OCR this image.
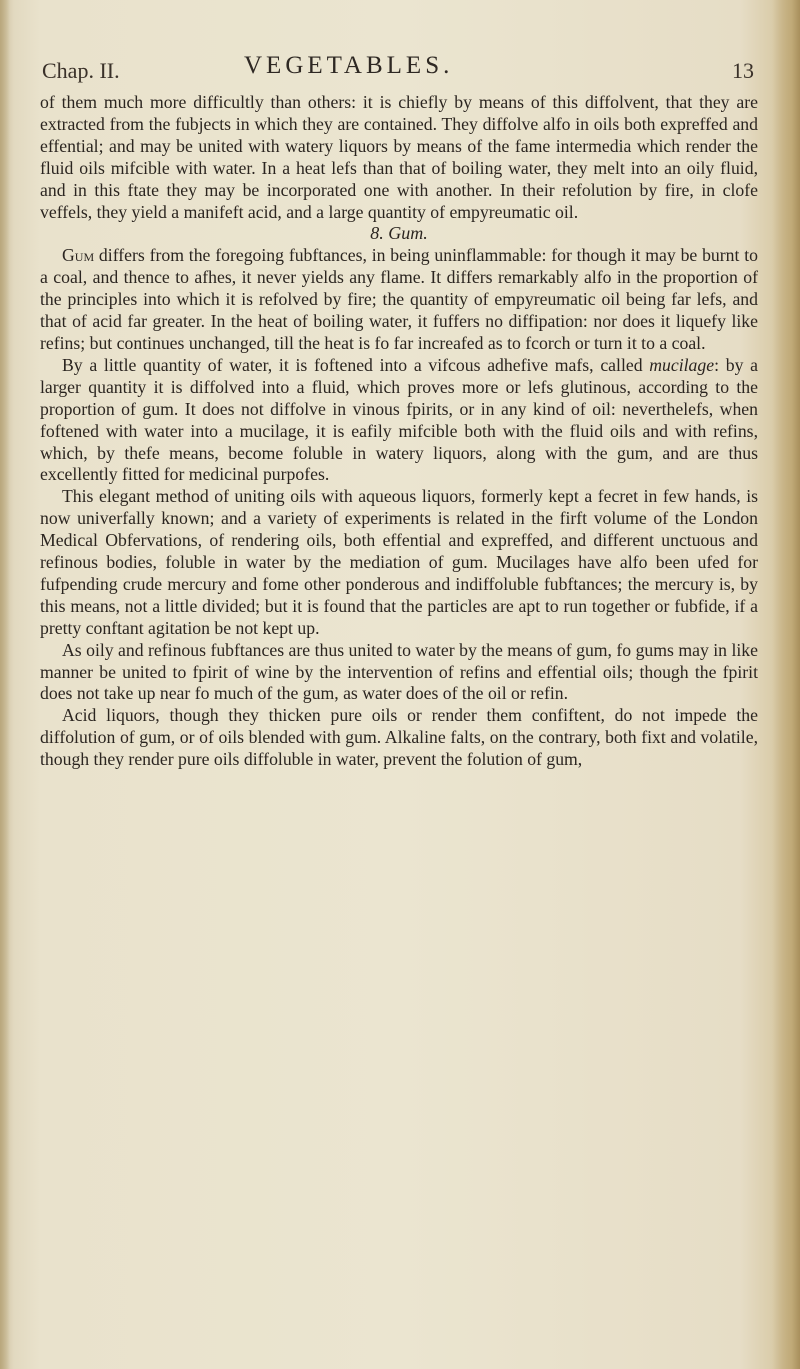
Chap. II.	VEGETABLES.	13

of them much more difficultly than others: it is chiefly by means of this diffolvent, that they are extracted from the fubjects in which they are contained. They diffolve alfo in oils both expreffed and effential; and may be united with watery liquors by means of the fame intermedia which render the fluid oils mifcible with water. In a heat lefs than that of boiling water, they melt into an oily fluid, and in this ftate they may be incorporated one with another. In their refolution by fire, in clofe veffels, they yield a manifeft acid, and a large quantity of empyreumatic oil.

8. Gum.

Gum differs from the foregoing fubftances, in being uninflammable: for though it may be burnt to a coal, and thence to afhes, it never yields any flame. It differs remarkably alfo in the proportion of the principles into which it is refolved by fire; the quantity of empyreumatic oil being far lefs, and that of acid far greater. In the heat of boiling water, it fuffers no diffipation: nor does it liquefy like refins; but continues unchanged, till the heat is fo far increafed as to fcorch or turn it to a coal.

By a little quantity of water, it is foftened into a vifcous adhefive mafs, called mucilage: by a larger quantity it is diffolved into a fluid, which proves more or lefs glutinous, according to the proportion of gum. It does not diffolve in vinous fpirits, or in any kind of oil: neverthelefs, when foftened with water into a mucilage, it is eafily mifcible both with the fluid oils and with refins, which, by thefe means, become foluble in watery liquors, along with the gum, and are thus excellently fitted for medicinal purpofes.

This elegant method of uniting oils with aqueous liquors, formerly kept a fecret in few hands, is now univerfally known; and a variety of experiments is related in the firft volume of the London Medical Obfervations, of rendering oils, both effential and expreffed, and different unctuous and refinous bodies, foluble in water by the mediation of gum. Mucilages have alfo been ufed for fufpending crude mercury and fome other ponderous and indiffoluble fubftances; the mercury is, by this means, not a little divided; but it is found that the particles are apt to run together or fubfide, if a pretty conftant agitation be not kept up.

As oily and refinous fubftances are thus united to water by the means of gum, fo gums may in like manner be united to fpirit of wine by the intervention of refins and effential oils; though the fpirit does not take up near fo much of the gum, as water does of the oil or refin.

Acid liquors, though they thicken pure oils or render them confiftent, do not impede the diffolution of gum, or of oils blended with gum. Alkaline falts, on the contrary, both fixt and volatile, though they render pure oils diffoluble in water, prevent the folution of gum,
